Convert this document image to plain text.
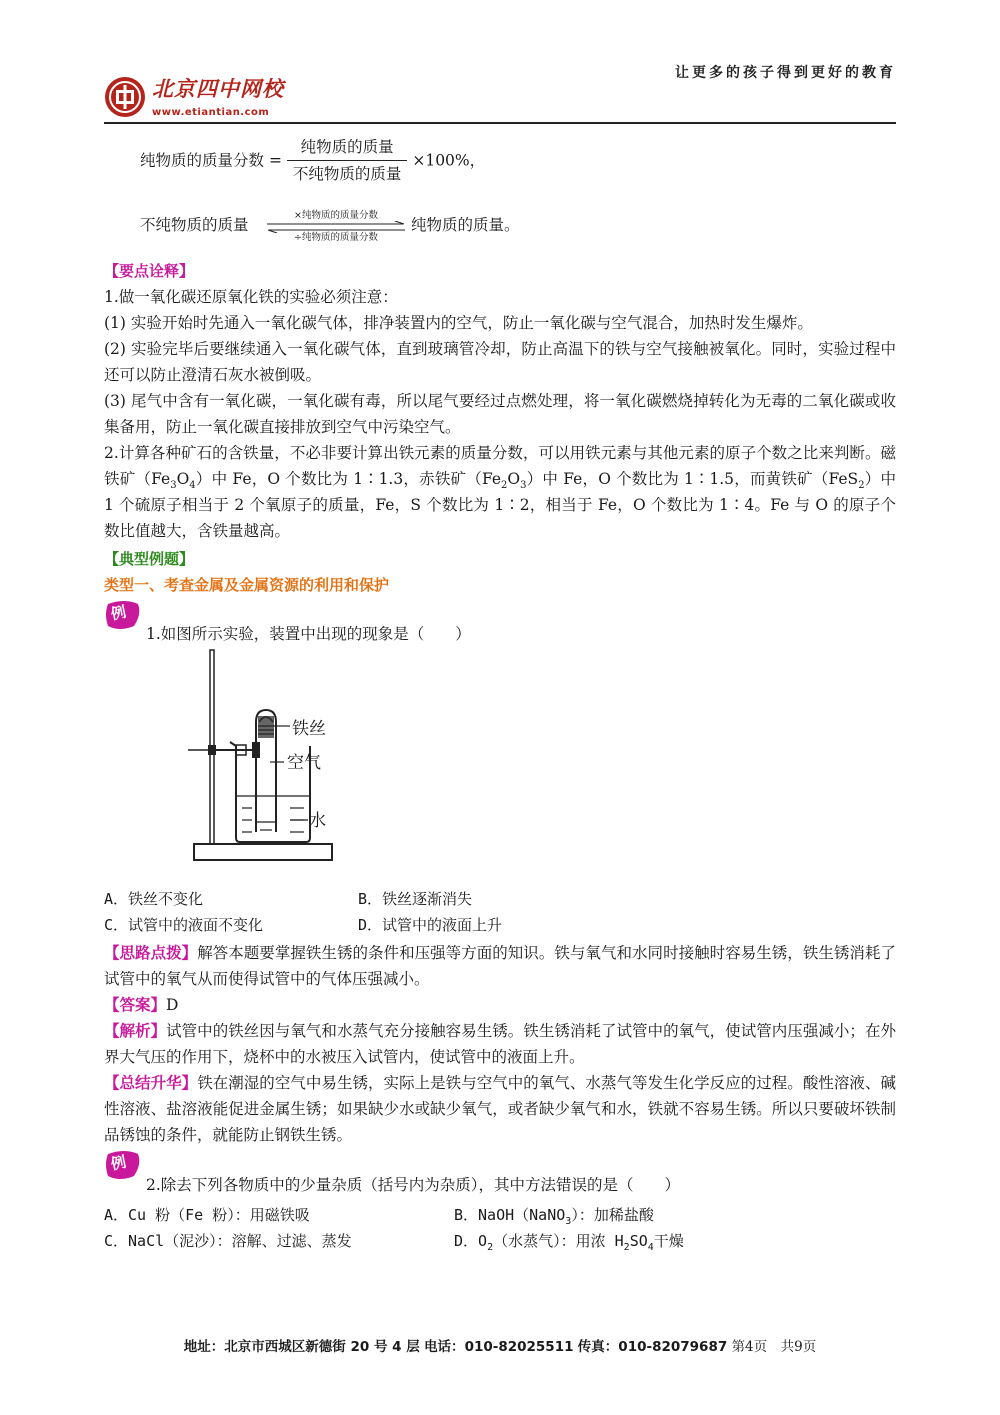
北京四中网校
www.etiantian.com
让更多的孩子得到更好的教育
纯物质的质量分数 = $\frac{\text{纯物质的质量}}{\text{不纯物质的质量}} \times 100\%$，
不纯物质的质量
×纯物质的质量分数
÷纯物质的质量分数
纯物质的质量。
【要点诠释】
1.做一氧化碳还原氧化铁的实验必须注意：
(1) 实验开始时先通入一氧化碳气体，排净装置内的空气，防止一氧化碳与空气混合，加热时发生爆炸。
(2) 实验完毕后要继续通入一氧化碳气体，直到玻璃管冷却，防止高温下的铁与空气接触被氧化。同时，实验过程中还可以防止澄清石灰水被倒吸。
(3) 尾气中含有一氧化碳，一氧化碳有毒，所以尾气要经过点燃处理，将一氧化碳燃烧掉转化为无毒的二氧化碳或收集备用，防止一氧化碳直接排放到空气中污染空气。
2.计算各种矿石的含铁量，不必非要计算出铁元素的质量分数，可以用铁元素与其他元素的原子个数之比来判断。磁铁矿$(Fe_3O_4)$中 Fe，O 个数比为 1∶1.3，赤铁矿$(Fe_2O_3)$中 Fe，O 个数比为 1∶1.5，而黄铁矿（FeS$_2$）中 1 个硫原子相当于 2 个氧原子的质量，Fe，S 个数比为 1∶2，相当于 Fe，O 个数比为 1∶4。Fe 与 O 的原子个数比值越大，含铁量越高。
【典型例题】
类型一、考查金属及金属资源的利用和保护
例
1.如图所示实验，装置中出现的现象是（　　）
铁丝
空气
水
A．铁丝不变化	B．铁丝逐渐消失
C．试管中的液面不变化	D．试管中的液面上升
【思路点拨】解答本题要掌握铁生锈的条件和压强等方面的知识。铁与氧气和水同时接触时容易生锈，铁生锈消耗了试管中的氧气从而使得试管中的气体压强减小。
【答案】D
【解析】试管中的铁丝因与氧气和水蒸气充分接触容易生锈。铁生锈消耗了试管中的氧气，使试管内压强减小；在外界大气压的作用下，烧杯中的水被压入试管内，使试管中的液面上升。
【总结升华】铁在潮湿的空气中易生锈，实际上是铁与空气中的氧气、水蒸气等发生化学反应的过程。酸性溶液、碱性溶液、盐溶液能促进金属生锈；如果缺少水或缺少氧气，或者缺少氧气和水，铁就不容易生锈。所以只要破坏铁制品锈蚀的条件，就能防止钢铁生锈。
例
2.除去下列各物质中的少量杂质（括号内为杂质），其中方法错误的是（　　）
A．Cu 粉（Fe 粉）：用磁铁吸	B．NaOH（NaNO$_3$）：加稀盐酸
C．NaCl（泥沙）：溶解、过滤、蒸发	D．$O_2$（水蒸气）：用浓 $H_2SO_4$干燥
地址：北京市西城区新德街 20 号 4 层 电话：010-82025511 传真：010-82079687 第4页　共9页
